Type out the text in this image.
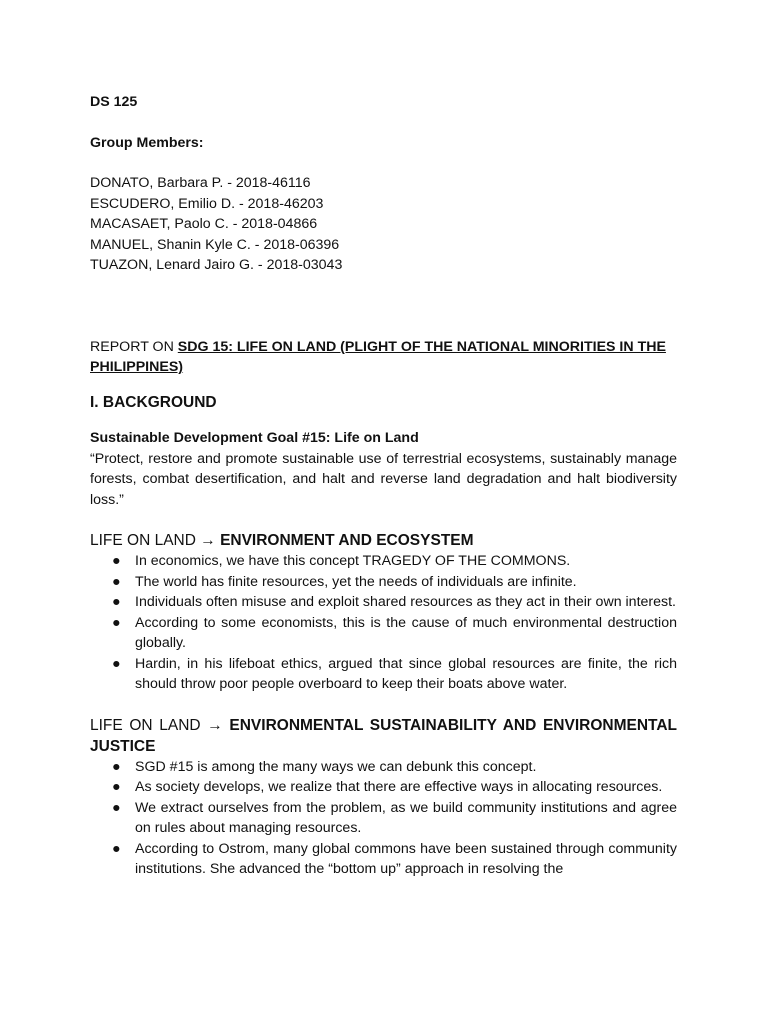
DS 125

Group Members:

DONATO, Barbara P. - 2018-46116

ESCUDERO, Emilio D. - 2018-46203

MACASAET, Paolo C. - 2018-04866

MANUEL, Shanin Kyle C. - 2018-06396

TUAZON, Lenard Jairo G. - 2018-03043

REPORT ON SDG 15: LIFE ON LAND (PLIGHT OF THE NATIONAL MINORITIES IN THE PHILIPPINES)

I. BACKGROUND

Sustainable Development Goal #15: Life on Land

“Protect, restore and promote sustainable use of terrestrial ecosystems, sustainably manage forests, combat desertification, and halt and reverse land degradation and halt biodiversity loss.”

LIFE ON LAND → ENVIRONMENT AND ECOSYSTEM

● In economics, we have this concept TRAGEDY OF THE COMMONS.
● The world has finite resources, yet the needs of individuals are infinite.
● Individuals often misuse and exploit shared resources as they act in their own interest.
● According to some economists, this is the cause of much environmental destruction globally.
● Hardin, in his lifeboat ethics, argued that since global resources are finite, the rich should throw poor people overboard to keep their boats above water.

LIFE ON LAND → ENVIRONMENTAL SUSTAINABILITY AND ENVIRONMENTAL JUSTICE

● SGD #15 is among the many ways we can debunk this concept.
● As society develops, we realize that there are effective ways in allocating resources.
● We extract ourselves from the problem, as we build community institutions and agree on rules about managing resources.
● According to Ostrom, many global commons have been sustained through community institutions. She advanced the “bottom up” approach in resolving the
